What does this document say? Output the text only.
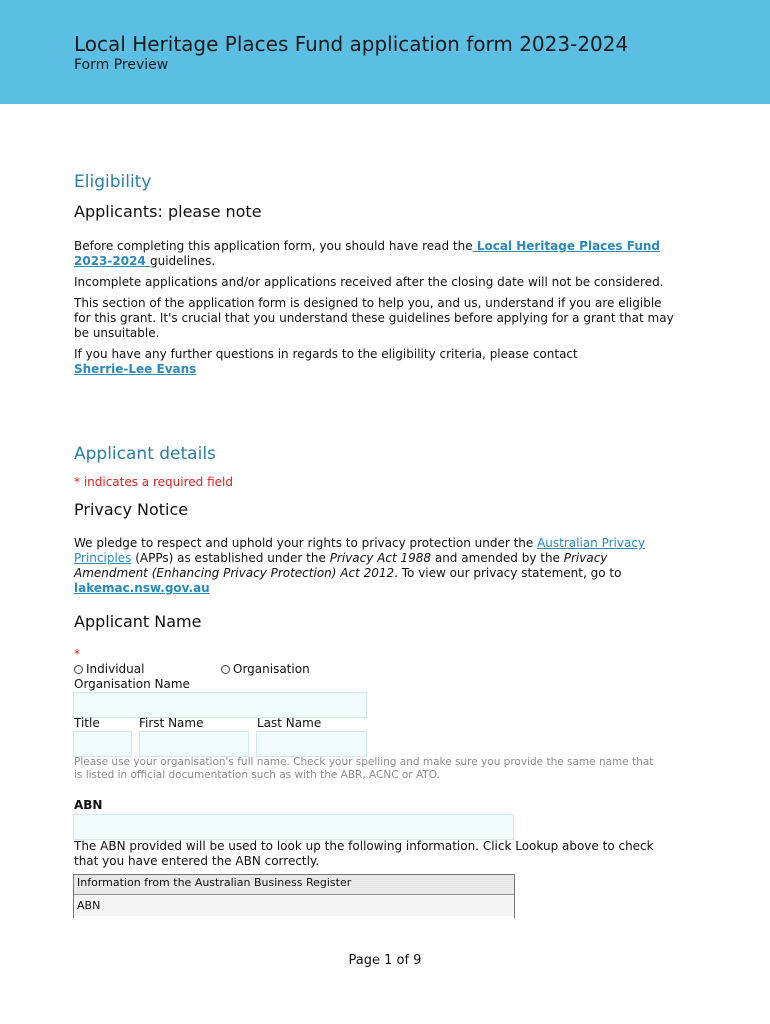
Local Heritage Places Fund application form 2023-2024
Form Preview
Eligibility
Applicants: please note

Before completing this application form, you should have read the Local Heritage Places Fund 2023-2024 guidelines.

Incomplete applications and/or applications received after the closing date will not be considered.

This section of the application form is designed to help you, and us, understand if you are eligible for this grant. It's crucial that you understand these guidelines before applying for a grant that may be unsuitable.

If you have any further questions in regards to the eligibility criteria, please contact
Sherrie-Lee Evans

Applicant details
* indicates a required field
Privacy Notice
We pledge to respect and uphold your rights to privacy protection under the Australian Privacy Principles (APPs) as established under the Privacy Act 1988 and amended by the Privacy Amendment (Enhancing Privacy Protection) Act 2012. To view our privacy statement, go to lakemac.nsw.gov.au
Applicant Name
*
Individual	Organisation
Organisation Name
Title	First Name	Last Name
Please use your organisation's full name. Check your spelling and make sure you provide the same name that is listed in official documentation such as with the ABR, ACNC or ATO.
ABN
The ABN provided will be used to look up the following information. Click Lookup above to check that you have entered the ABN correctly.
Information from the Australian Business Register
ABN
Page 1 of 9
